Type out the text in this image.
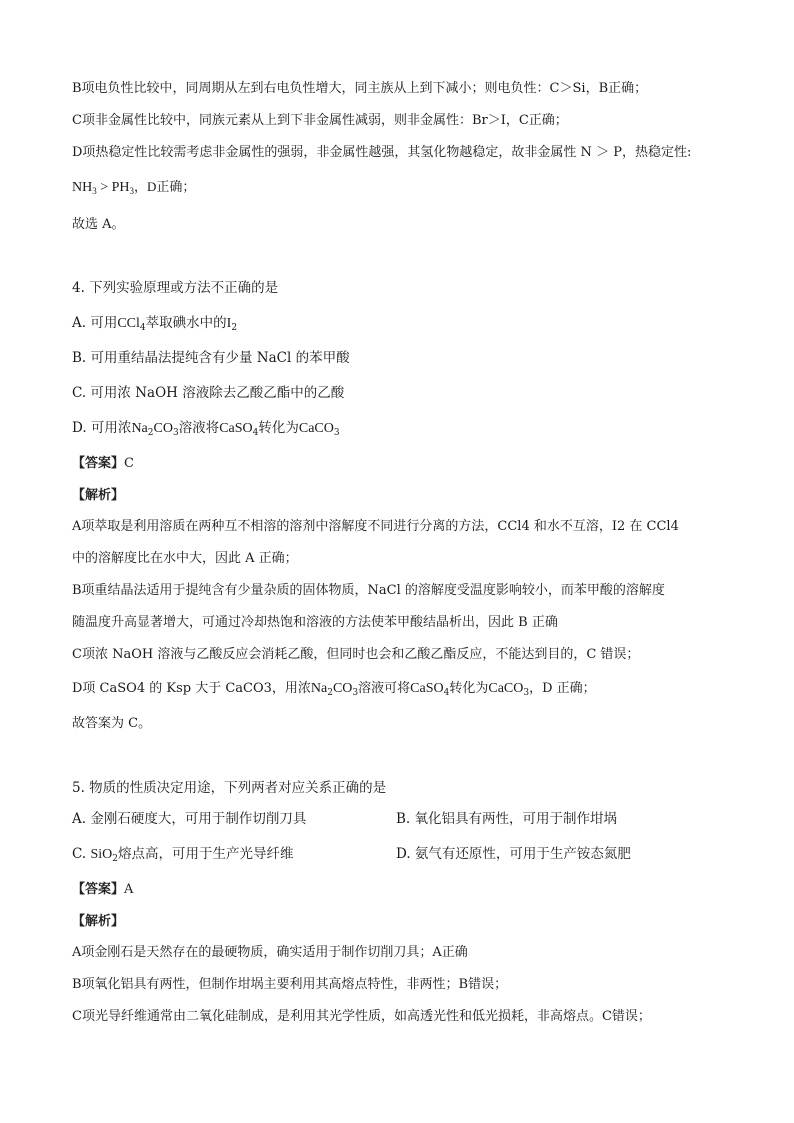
B项电负性比较中，同周期从左到右电负性增大，同主族从上到下减小；则电负性：C＞Si，B正确；
C项非金属性比较中，同族元素从上到下非金属性减弱，则非金属性：Br＞I，C正确；
D项热稳定性比较需考虑非金属性的强弱，非金属性越强，其氢化物越稳定，故非金属性 N ＞ P，热稳定性:
$NH_3 > PH_3$，D正确；
故选 A。
4. 下列实验原理或方法不正确的是
A. 可用CCl$_4$萃取碘水中的$I_2$
B. 可用重结晶法提纯含有少量 NaCl 的苯甲酸
C. 可用浓 NaOH 溶液除去乙酸乙酯中的乙酸
D. 可用浓$Na_2CO_3$溶液将CaSO$_4$转化为CaCO$_3$
【答案】C
【解析】
A项萃取是利用溶质在两种互不相溶的溶剂中溶解度不同进行分离的方法，CCl4 和水不互溶，I2 在 CCl4
中的溶解度比在水中大，因此 A 正确；
B项重结晶法适用于提纯含有少量杂质的固体物质，NaCl 的溶解度受温度影响较小，而苯甲酸的溶解度
随温度升高显著增大，可通过冷却热饱和溶液的方法使苯甲酸结晶析出，因此 B 正确
C项浓 NaOH 溶液与乙酸反应会消耗乙酸，但同时也会和乙酸乙酯反应，不能达到目的，C 错误；
D项 CaSO4 的 Ksp 大于 CaCO3，用浓$Na_2CO_3$溶液可将CaSO$_4$转化为CaCO$_3$，D 正确；
故答案为 C。
5. 物质的性质决定用途，下列两者对应关系正确的是
A. 金刚石硬度大，可用于制作切削刀具	B. 氧化铝具有两性，可用于制作坩埚
C. SiO$_2$熔点高，可用于生产光导纤维	D. 氨气有还原性，可用于生产铵态氮肥
【答案】A
【解析】
A项金刚石是天然存在的最硬物质，确实适用于制作切削刀具；A正确
B项氧化铝具有两性，但制作坩埚主要利用其高熔点特性，非两性；B错误；
C项光导纤维通常由二氧化硅制成，是利用其光学性质，如高透光性和低光损耗，非高熔点。C错误；
